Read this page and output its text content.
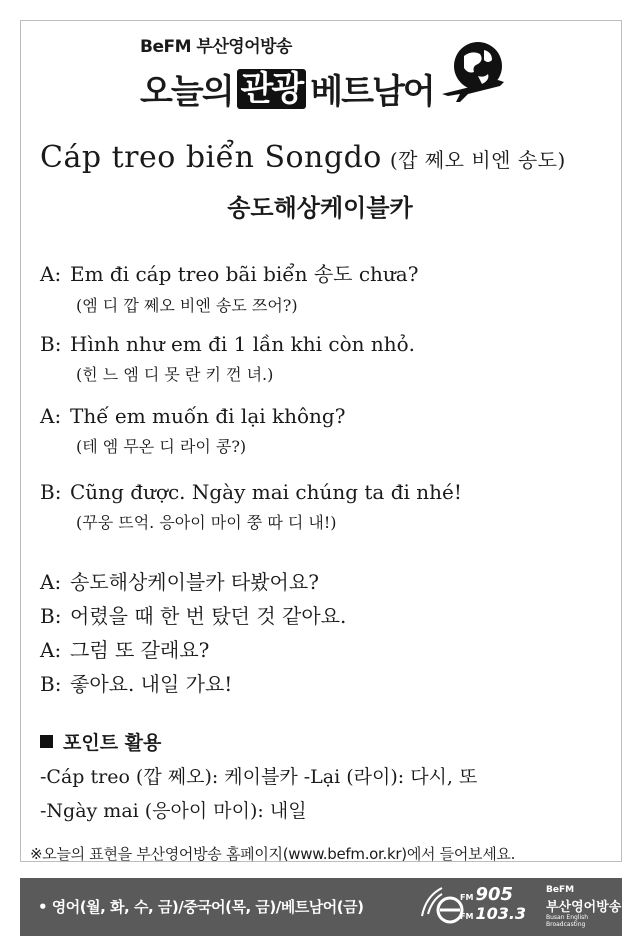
BeFM 부산영어방송
오늘의 관광 베트남어
Cáp treo biển Songdo (깝 쩨오 비엔 송도)
송도해상케이블카
A: Em đi cáp treo bãi biển 송도 chưa?
(엠 디 깝 쩨오 비엔 송도 쯔어?)
B: Hình như em đi 1 lần khi còn nhỏ.
(힌 느 엠 디 못 란 키 껀 녀.)
A: Thế em muốn đi lại không?
(테 엠 무온 디 라이 콩?)
B: Cũng được. Ngày mai chúng ta đi nhé!
(꾸웅 뜨억. 응아이 마이 쭝 따 디 내!)
A: 송도해상케이블카 타봤어요?
B: 어렸을 때 한 번 탔던 것 같아요.
A: 그럼 또 갈래요?
B: 좋아요. 내일 가요!
포인트 활용
-Cáp treo (깝 쩨오): 케이블카 -Lại (라이): 다시, 또
-Ngày mai (응아이 마이): 내일
※오늘의 표현을 부산영어방송 홈페이지(www.befm.or.kr)에서 들어보세요.
• 영어(월, 화, 수, 금)/중국어(목, 금)/베트남어(금)
FM 905
FM 103.3
BeFM
부산영어방송
Busan English Broadcasting
